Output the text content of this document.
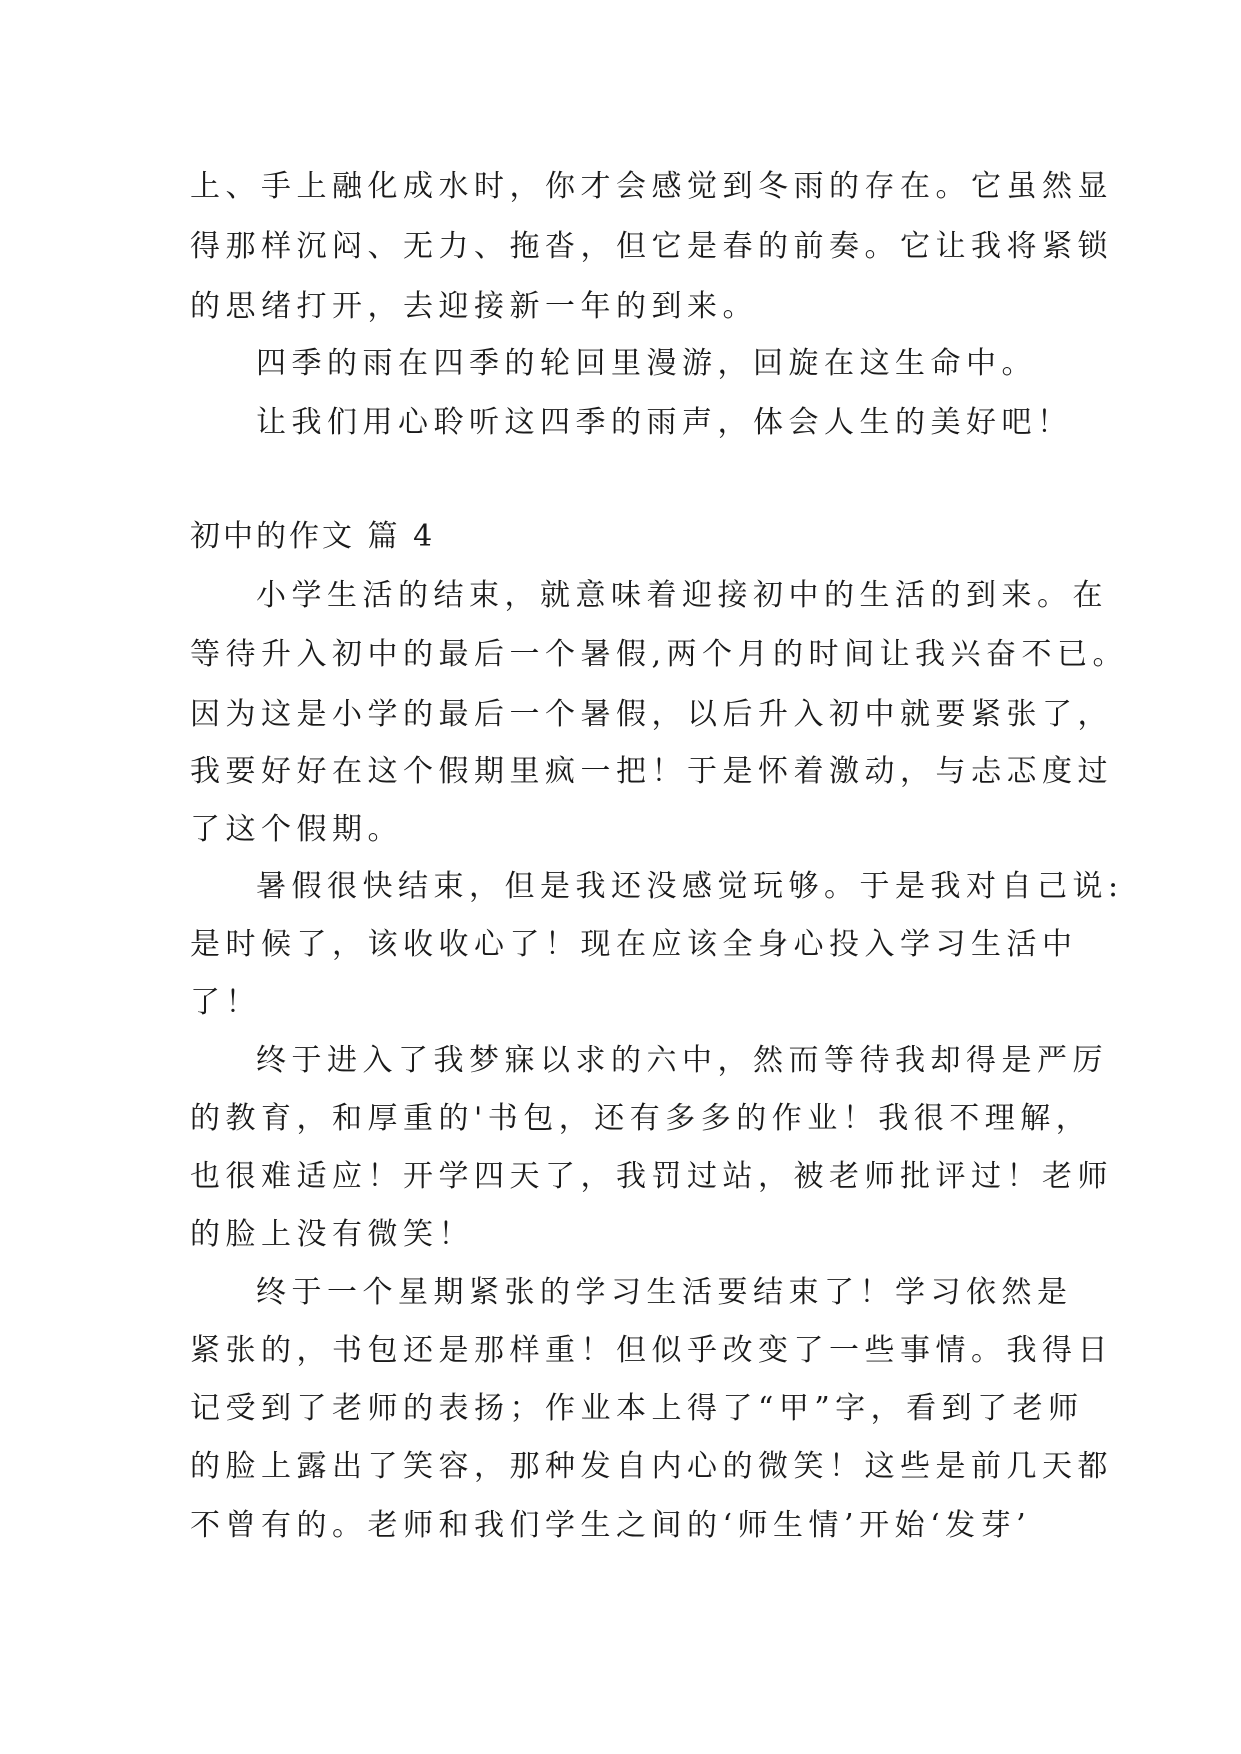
上、手上融化成水时，你才会感觉到冬雨的存在。它虽然显
得那样沉闷、无力、拖沓，但它是春的前奏。它让我将紧锁
的思绪打开，去迎接新一年的到来。
四季的雨在四季的轮回里漫游，回旋在这生命中。
让我们用心聆听这四季的雨声，体会人生的美好吧！
初中的作文 篇 4
小学生活的结束，就意味着迎接初中的生活的到来。在
等待升入初中的最后一个暑假,两个月的时间让我兴奋不已。
因为这是小学的最后一个暑假，以后升入初中就要紧张了，
我要好好在这个假期里疯一把！于是怀着激动，与忐忑度过
了这个假期。
暑假很快结束，但是我还没感觉玩够。于是我对自己说:
是时候了，该收收心了！现在应该全身心投入学习生活中
了！
终于进入了我梦寐以求的六中，然而等待我却得是严厉
的教育，和厚重的'书包，还有多多的作业！我很不理解，
也很难适应！开学四天了，我罚过站，被老师批评过！老师
的脸上没有微笑！
终于一个星期紧张的学习生活要结束了！学习依然是
紧张的，书包还是那样重！但似乎改变了一些事情。我得日
记受到了老师的表扬；作业本上得了“甲”字，看到了老师
的脸上露出了笑容，那种发自内心的微笑！这些是前几天都
不曾有的。老师和我们学生之间的‘师生情’开始‘发芽’
